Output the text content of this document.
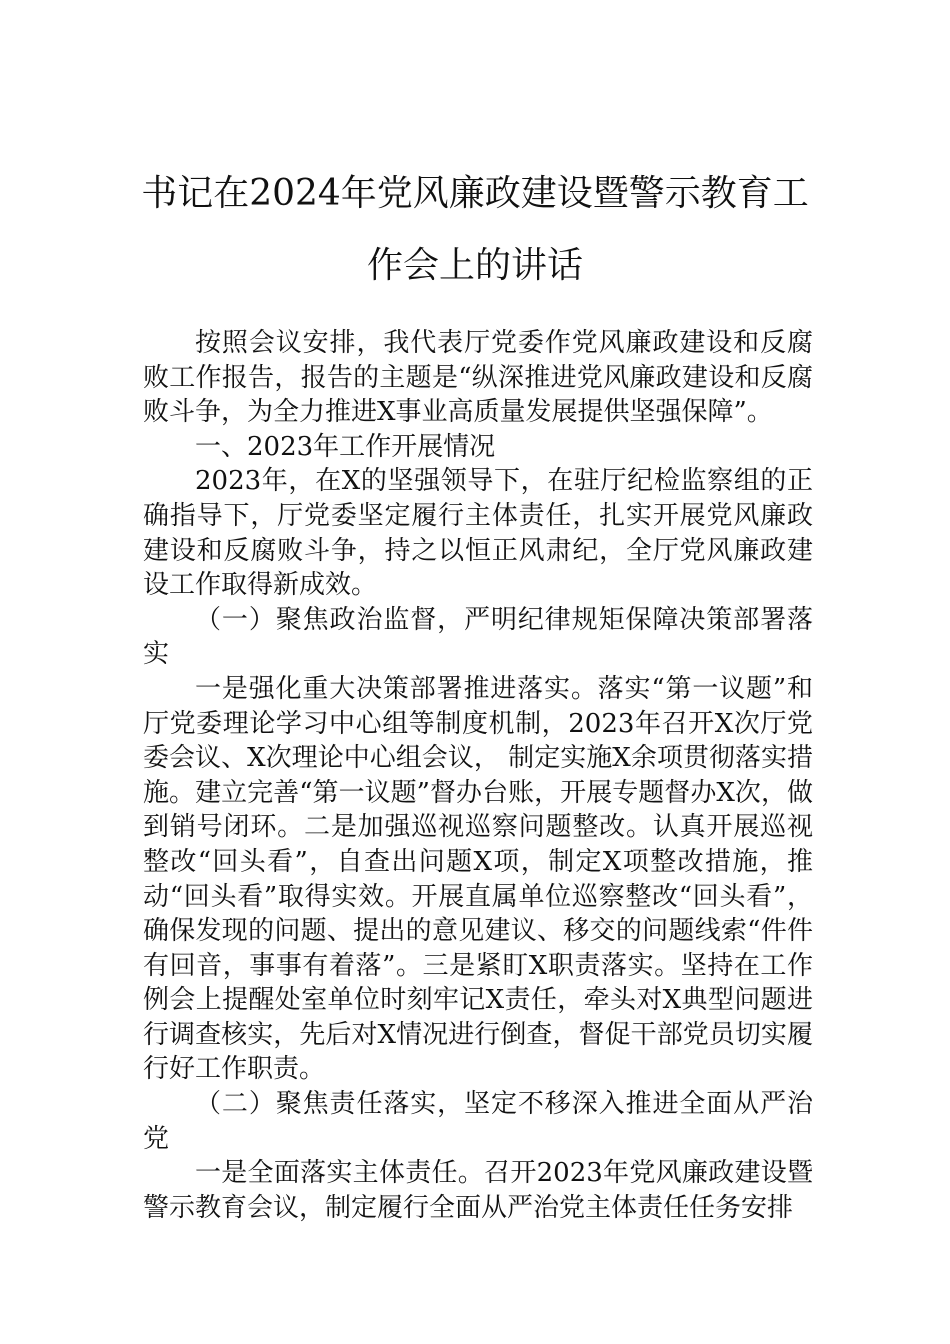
书记在2024年党风廉政建设暨警示教育工
作会上的讲话

按照会议安排，我代表厅党委作党风廉政建设和反腐败工作报告，报告的主题是“纵深推进党风廉政建设和反腐败斗争，为全力推进X事业高质量发展提供坚强保障”。

一、2023年工作开展情况

2023年，在X的坚强领导下，在驻厅纪检监察组的正确指导下，厅党委坚定履行主体责任，扎实开展党风廉政建设和反腐败斗争，持之以恒正风肃纪，全厅党风廉政建设工作取得新成效。

（一）聚焦政治监督，严明纪律规矩保障决策部署落实

一是强化重大决策部署推进落实。落实“第一议题”和厅党委理论学习中心组等制度机制，2023年召开X次厅党委会议、X次理论中心组会议， 制定实施X余项贯彻落实措施。建立完善“第一议题”督办台账，开展专题督办X次，做到销号闭环。二是加强巡视巡察问题整改。认真开展巡视整改“回头看”，自查出问题X项，制定X项整改措施，推动“回头看”取得实效。开展直属单位巡察整改“回头看”，确保发现的问题、提出的意见建议、移交的问题线索“件件有回音，事事有着落”。三是紧盯X职责落实。坚持在工作例会上提醒处室单位时刻牢记X责任，牵头对X典型问题进行调查核实，先后对X情况进行倒查，督促干部党员切实履行好工作职责。

（二）聚焦责任落实，坚定不移深入推进全面从严治党

一是全面落实主体责任。召开2023年党风廉政建设暨警示教育会议，制定履行全面从严治党主体责任任务安排
